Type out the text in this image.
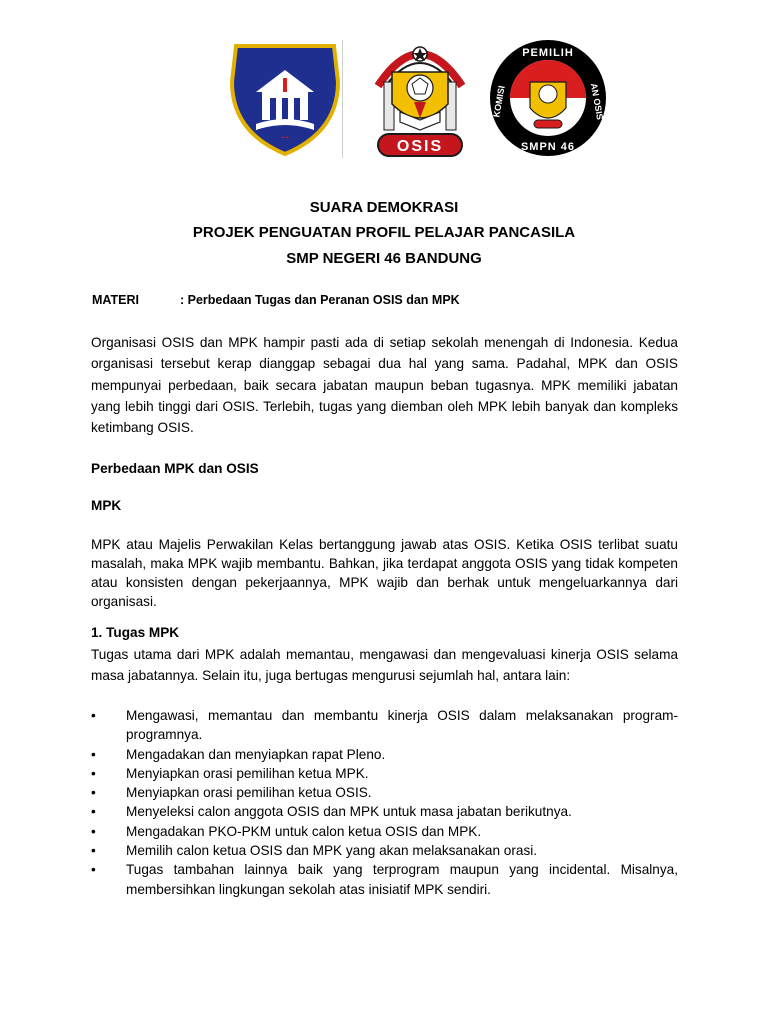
~~	OSIS
PEMILIH
KOMISI	AN OSIS
SMPN 46
SUARA DEMOKRASI
PROJEK PENGUATAN PROFIL PELAJAR PANCASILA
SMP NEGERI 46 BANDUNG
MATERI	: Perbedaan Tugas dan Peranan OSIS dan MPK
Organisasi OSIS dan MPK hampir pasti ada di setiap sekolah menengah di Indonesia. Kedua organisasi tersebut kerap dianggap sebagai dua hal yang sama. Padahal, MPK dan OSIS mempunyai perbedaan, baik secara jabatan maupun beban tugasnya. MPK memiliki jabatan yang lebih tinggi dari OSIS. Terlebih, tugas yang diemban oleh MPK lebih banyak dan kompleks ketimbang OSIS.
Perbedaan MPK dan OSIS
MPK
MPK atau Majelis Perwakilan Kelas bertanggung jawab atas OSIS. Ketika OSIS terlibat suatu masalah, maka MPK wajib membantu. Bahkan, jika terdapat anggota OSIS yang tidak kompeten atau konsisten dengan pekerjaannya, MPK wajib dan berhak untuk mengeluarkannya dari organisasi.
1. Tugas MPK
Tugas utama dari MPK adalah memantau, mengawasi dan mengevaluasi kinerja OSIS selama masa jabatannya. Selain itu, juga bertugas mengurusi sejumlah hal, antara lain:
• Mengawasi, memantau dan membantu kinerja OSIS dalam melaksanakan program-programnya.
• Mengadakan dan menyiapkan rapat Pleno.
• Menyiapkan orasi pemilihan ketua MPK.
• Menyiapkan orasi pemilihan ketua OSIS.
• Menyeleksi calon anggota OSIS dan MPK untuk masa jabatan berikutnya.
• Mengadakan PKO-PKM untuk calon ketua OSIS dan MPK.
• Memilih calon ketua OSIS dan MPK yang akan melaksanakan orasi.
• Tugas tambahan lainnya baik yang terprogram maupun yang incidental. Misalnya, membersihkan lingkungan sekolah atas inisiatif MPK sendiri.
